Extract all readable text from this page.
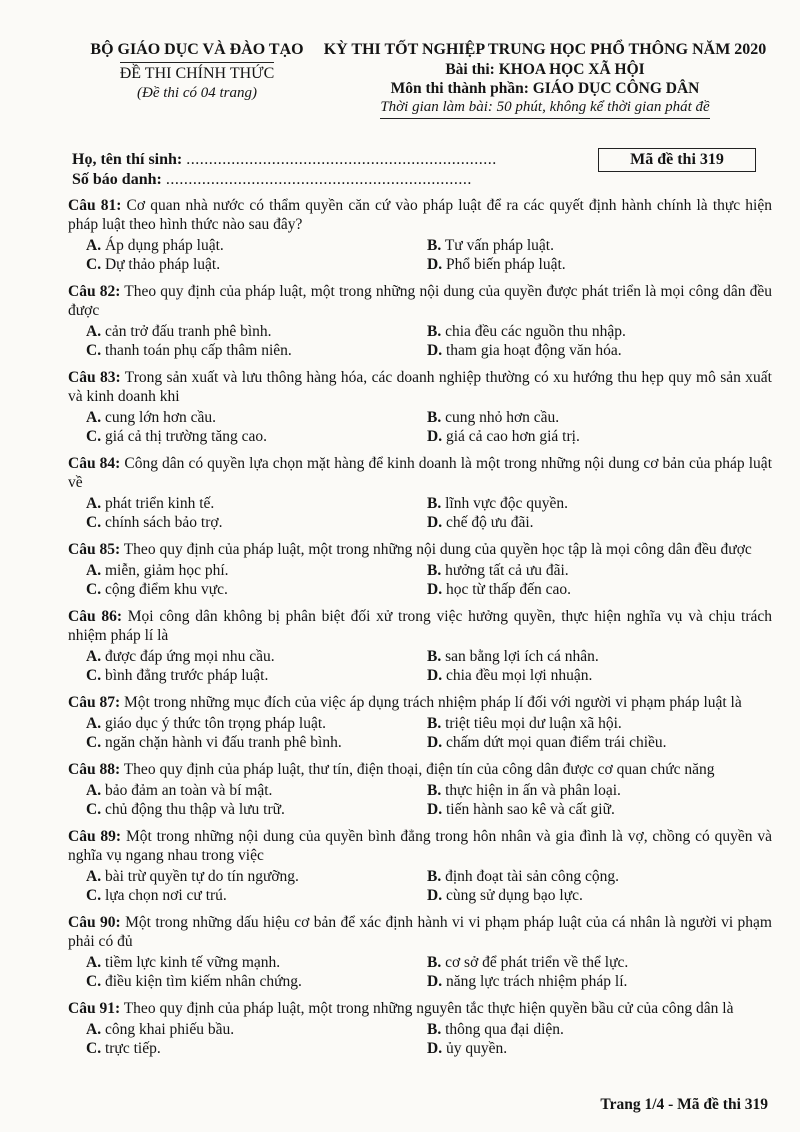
BỘ GIÁO DỤC VÀ ĐÀO TẠO
ĐỀ THI CHÍNH THỨC
(Đề thi có 04 trang)
KỲ THI TỐT NGHIỆP TRUNG HỌC PHỔ THÔNG NĂM 2020
Bài thi: KHOA HỌC XÃ HỘI
Môn thi thành phần: GIÁO DỤC CÔNG DÂN
Thời gian làm bài: 50 phút, không kể thời gian phát đề
Họ, tên thí sinh: .....................................................................
Số báo danh: ....................................................................
Mã đề thi 319
Câu 81: Cơ quan nhà nước có thẩm quyền căn cứ vào pháp luật để ra các quyết định hành chính là thực hiện pháp luật theo hình thức nào sau đây?
A. Áp dụng pháp luật.	B. Tư vấn pháp luật.
C. Dự thảo pháp luật.	D. Phổ biến pháp luật.
Câu 82: Theo quy định của pháp luật, một trong những nội dung của quyền được phát triển là mọi công dân đều được
A. cản trở đấu tranh phê bình.	B. chia đều các nguồn thu nhập.
C. thanh toán phụ cấp thâm niên.	D. tham gia hoạt động văn hóa.
Câu 83: Trong sản xuất và lưu thông hàng hóa, các doanh nghiệp thường có xu hướng thu hẹp quy mô sản xuất và kinh doanh khi
A. cung lớn hơn cầu.	B. cung nhỏ hơn cầu.
C. giá cả thị trường tăng cao.	D. giá cả cao hơn giá trị.
Câu 84: Công dân có quyền lựa chọn mặt hàng để kinh doanh là một trong những nội dung cơ bản của pháp luật về
A. phát triển kinh tế.	B. lĩnh vực độc quyền.
C. chính sách bảo trợ.	D. chế độ ưu đãi.
Câu 85: Theo quy định của pháp luật, một trong những nội dung của quyền học tập là mọi công dân đều được
A. miễn, giảm học phí.	B. hưởng tất cả ưu đãi.
C. cộng điểm khu vực.	D. học từ thấp đến cao.
Câu 86: Mọi công dân không bị phân biệt đối xử trong việc hưởng quyền, thực hiện nghĩa vụ và chịu trách nhiệm pháp lí là
A. được đáp ứng mọi nhu cầu.	B. san bằng lợi ích cá nhân.
C. bình đẳng trước pháp luật.	D. chia đều mọi lợi nhuận.
Câu 87: Một trong những mục đích của việc áp dụng trách nhiệm pháp lí đối với người vi phạm pháp luật là
A. giáo dục ý thức tôn trọng pháp luật.	B. triệt tiêu mọi dư luận xã hội.
C. ngăn chặn hành vi đấu tranh phê bình.	D. chấm dứt mọi quan điểm trái chiều.
Câu 88: Theo quy định của pháp luật, thư tín, điện thoại, điện tín của công dân được cơ quan chức năng
A. bảo đảm an toàn và bí mật.	B. thực hiện in ấn và phân loại.
C. chủ động thu thập và lưu trữ.	D. tiến hành sao kê và cất giữ.
Câu 89: Một trong những nội dung của quyền bình đẳng trong hôn nhân và gia đình là vợ, chồng có quyền và nghĩa vụ ngang nhau trong việc
A. bài trừ quyền tự do tín ngưỡng.	B. định đoạt tài sản công cộng.
C. lựa chọn nơi cư trú.	D. cùng sử dụng bạo lực.
Câu 90: Một trong những dấu hiệu cơ bản để xác định hành vi vi phạm pháp luật của cá nhân là người vi phạm phải có đủ
A. tiềm lực kinh tế vững mạnh.	B. cơ sở để phát triển về thể lực.
C. điều kiện tìm kiếm nhân chứng.	D. năng lực trách nhiệm pháp lí.
Câu 91: Theo quy định của pháp luật, một trong những nguyên tắc thực hiện quyền bầu cử của công dân là
A. công khai phiếu bầu.	B. thông qua đại diện.
C. trực tiếp.	D. ủy quyền.
Trang 1/4 - Mã đề thi 319
